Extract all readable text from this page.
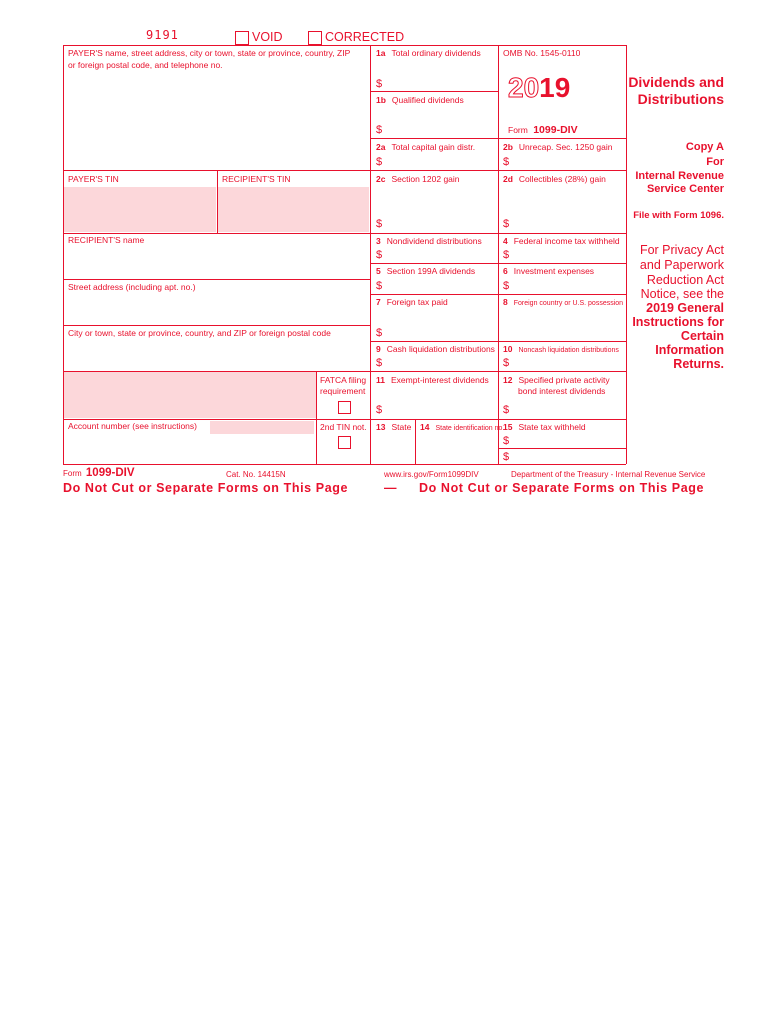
9191	VOID	CORRECTED
PAYER'S name, street address, city or town, state or province, country, ZIP
or foreign postal code, and telephone no.
PAYER'S TIN	RECIPIENT'S TIN
RECIPIENT'S name
Street address (including apt. no.)
City or town, state or province, country, and ZIP or foreign postal code
FATCA filing
requirement
Account number (see instructions)	2nd TIN not.
1a Total ordinary dividends
$
1b Qualified dividends
$
OMB No. 1545-0110
2019
Form 1099-DIV
2a Total capital gain distr.
$
2b Unrecap. Sec. 1250 gain
$
2c Section 1202 gain
$
2d Collectibles (28%) gain
$
3 Nondividend distributions
$
4 Federal income tax withheld
$
5 Section 199A dividends
$
6 Investment expenses
$
7 Foreign tax paid
$
8 Foreign country or U.S. possession
9 Cash liquidation distributions
$
10 Noncash liquidation distributions
$
11 Exempt-interest dividends
$
12 Specified private activity
bond interest dividends
$
13 State 14 State identification no.
15 State tax withheld
$
$
Dividends and
Distributions
Copy A
For
Internal Revenue
Service Center
File with Form 1096.
For Privacy Act
and Paperwork
Reduction Act
Notice, see the
2019 General
Instructions for
Certain
Information
Returns.
Form 1099-DIV	Cat. No. 14415N	www.irs.gov/Form1099DIV	Department of the Treasury - Internal Revenue Service
Do Not Cut or Separate Forms on This Page	— Do Not Cut or Separate Forms on This Page
